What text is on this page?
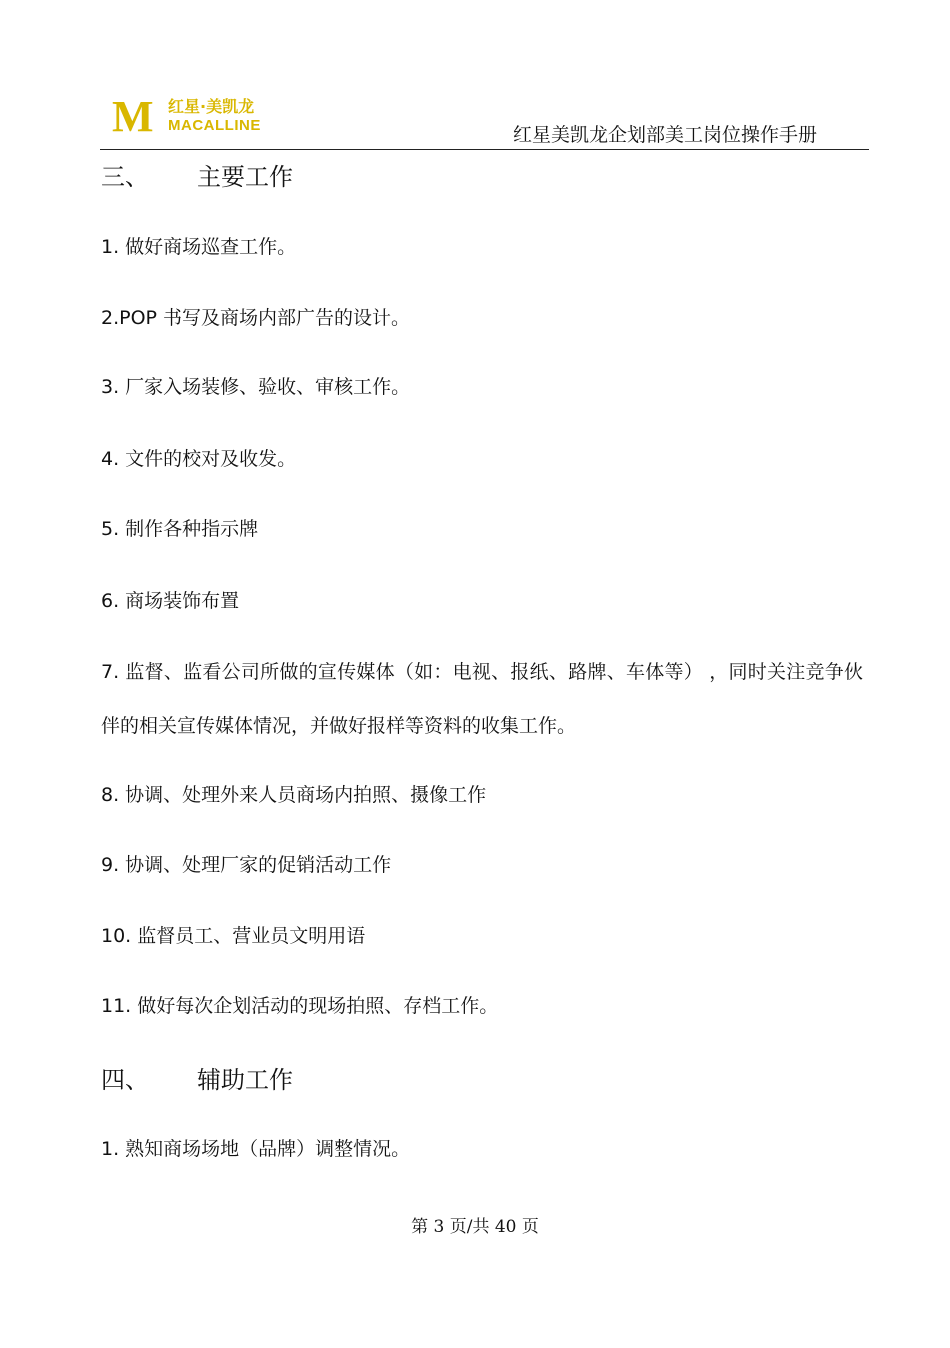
M 红星·美凯龙
MACALLINE	红星美凯龙企划部美工岗位操作手册
三、 主要工作
1. 做好商场巡查工作。
2.POP 书写及商场内部广告的设计。
3. 厂家入场装修、验收、审核工作。
4. 文件的校对及收发。
5. 制作各种指示牌
6. 商场装饰布置
7. 监督、监看公司所做的宣传媒体（如：电视、报纸、路牌、车体等） ，同时关注竞争伙伴的相关宣传媒体情况，并做好报样等资料的收集工作。
8. 协调、处理外来人员商场内拍照、摄像工作
9. 协调、处理厂家的促销活动工作
10. 监督员工、营业员文明用语
11. 做好每次企划活动的现场拍照、存档工作。
四、 辅助工作
1. 熟知商场场地（品牌）调整情况。
第 3 页/共 40 页
